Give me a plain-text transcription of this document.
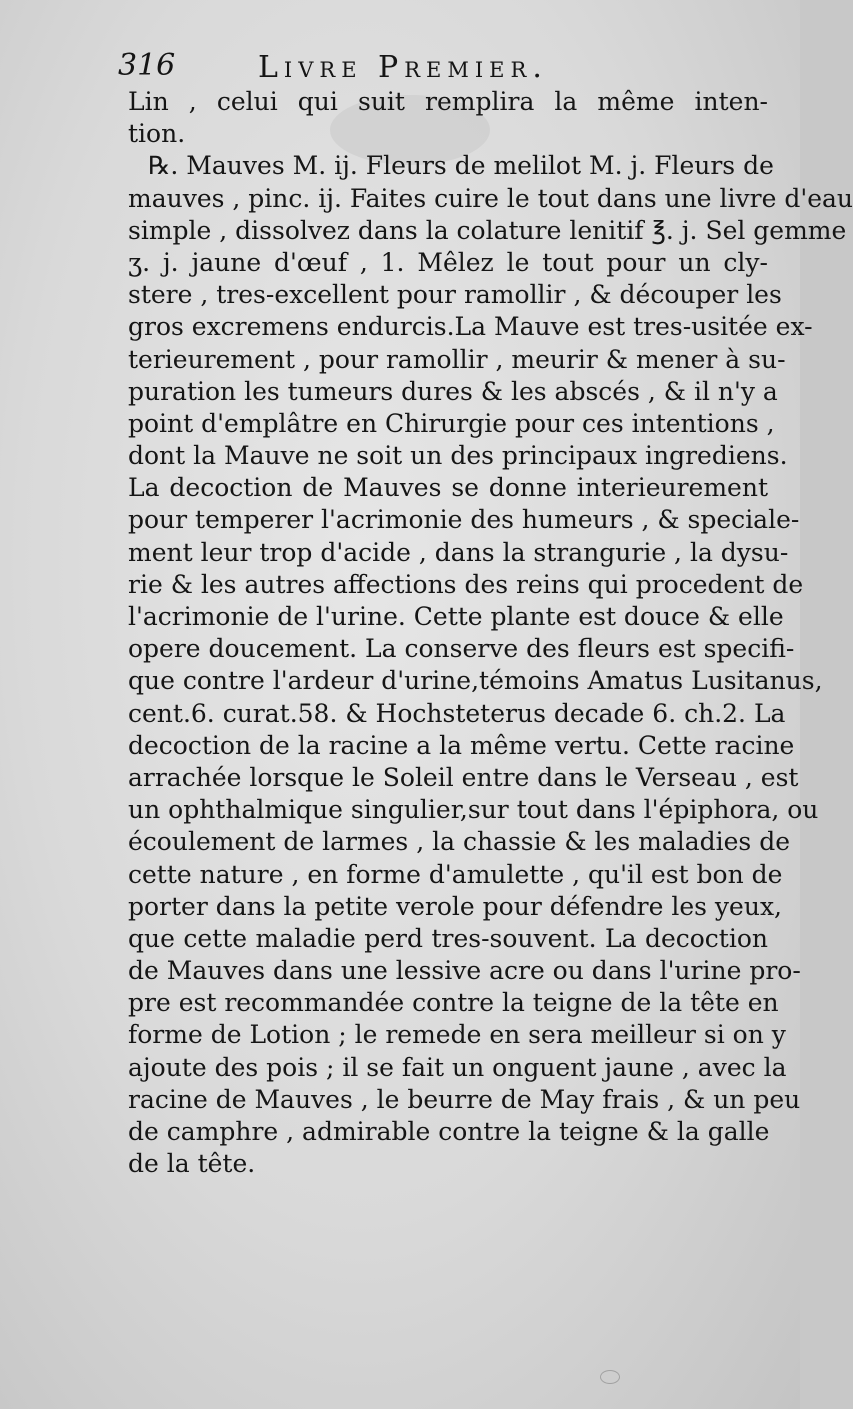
316	Livre Premier.
Lin , celui qui suit remplira la même inten-
tion.
℞. Mauves M. ij. Fleurs de melilot M. j. Fleurs de
mauves , pinc. ij. Faites cuire le tout dans une livre d'eau
simple , dissolvez dans la colature lenitif ℥. j. Sel gemme
ʒ. j. jaune d'œuf , 1. Mêlez le tout pour un cly-
stere , tres-excellent pour ramollir , & découper les
gros excremens endurcis.La Mauve est tres-usitée ex-
terieurement , pour ramollir , meurir & mener à su-
puration les tumeurs dures & les abscés , & il n'y a
point d'emplâtre en Chirurgie pour ces intentions ,
dont la Mauve ne soit un des principaux ingrediens.
La decoction de Mauves se donne interieurement
pour temperer l'acrimonie des humeurs , & speciale-
ment leur trop d'acide , dans la strangurie , la dysu-
rie & les autres affections des reins qui procedent de
l'acrimonie de l'urine. Cette plante est douce & elle
opere doucement. La conserve des fleurs est specifi-
que contre l'ardeur d'urine,témoins Amatus Lusitanus,
cent.6. curat.58. & Hochsteterus decade 6. ch.2. La
decoction de la racine a la même vertu. Cette racine
arrachée lorsque le Soleil entre dans le Verseau , est
un ophthalmique singulier,sur tout dans l'épiphora, ou
écoulement de larmes , la chassie & les maladies de
cette nature , en forme d'amulette , qu'il est bon de
porter dans la petite verole pour défendre les yeux,
que cette maladie perd tres-souvent. La decoction
de Mauves dans une lessive acre ou dans l'urine pro-
pre est recommandée contre la teigne de la tête en
forme de Lotion ; le remede en sera meilleur si on y
ajoute des pois ; il se fait un onguent jaune , avec la
racine de Mauves , le beurre de May frais , & un peu
de camphre , admirable contre la teigne & la galle
de la tête.
